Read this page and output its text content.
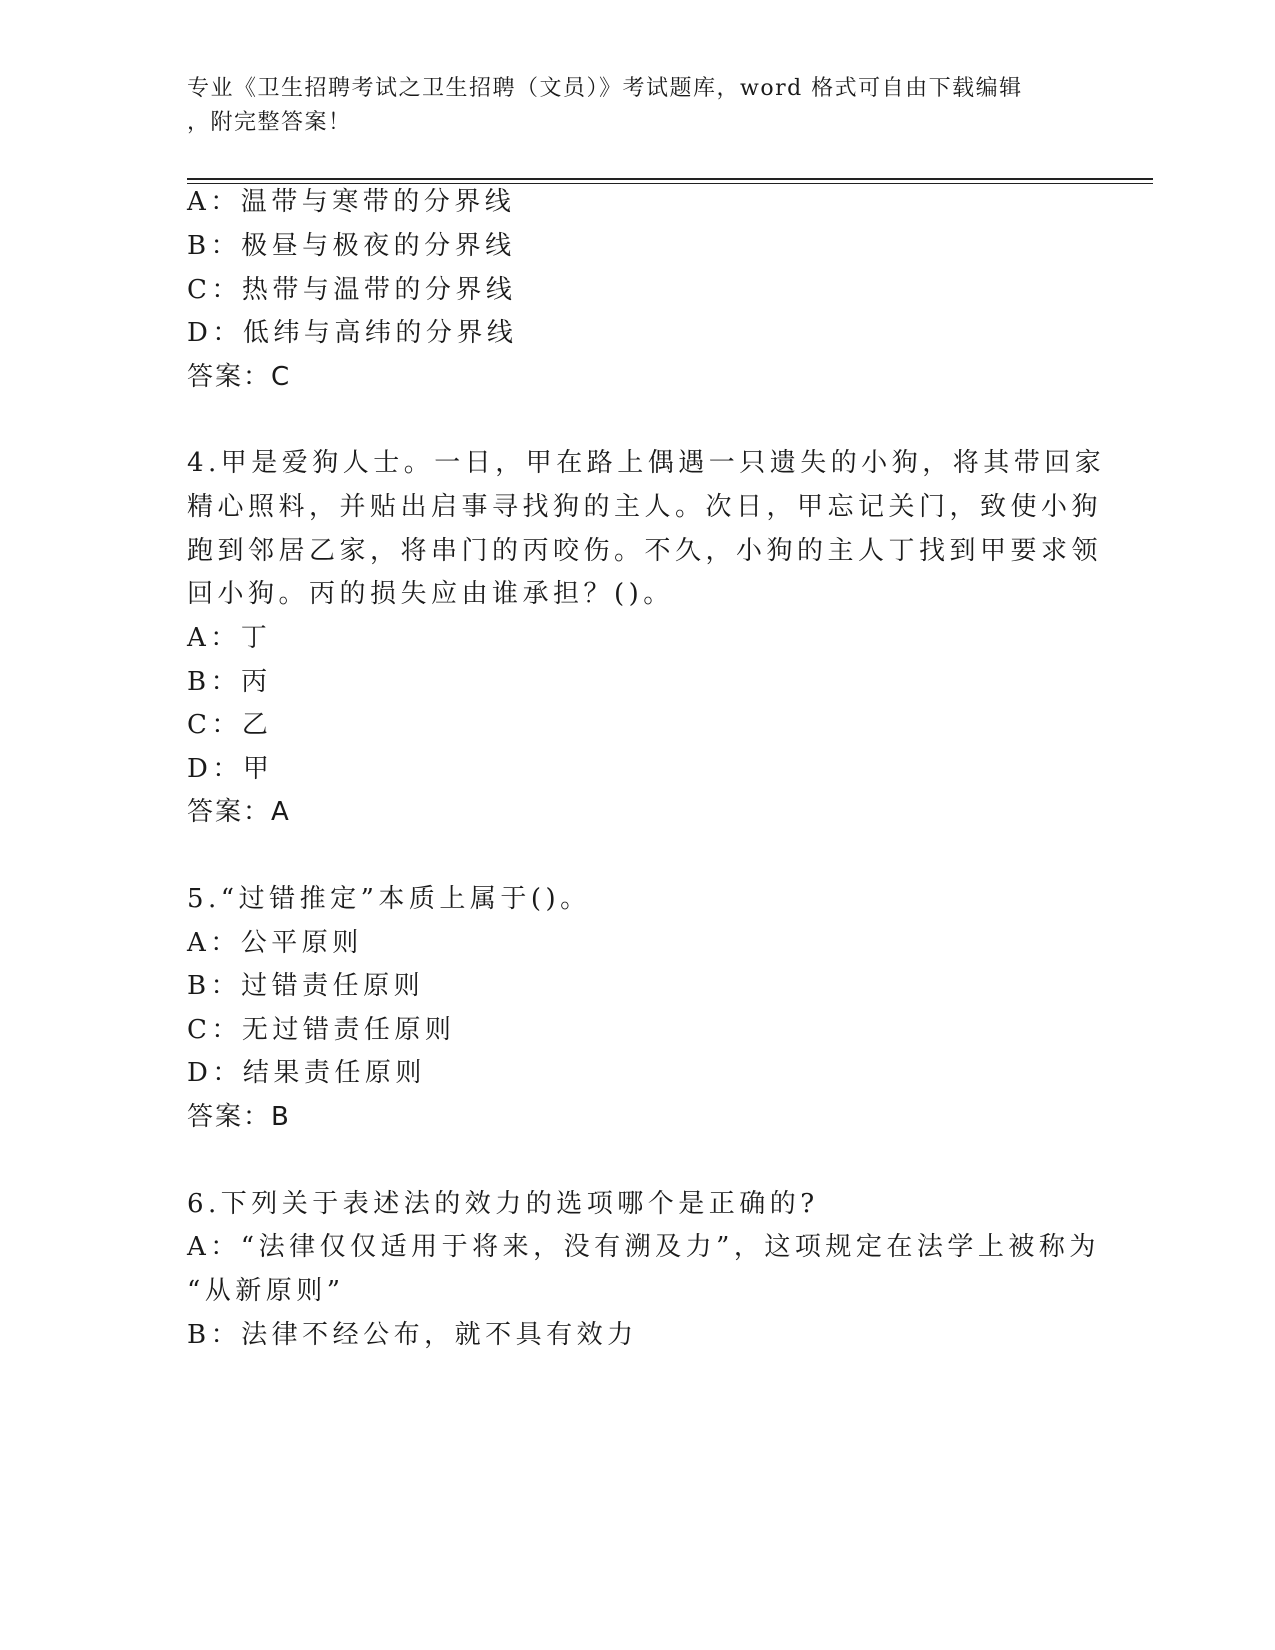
专业《卫生招聘考试之卫生招聘（文员）》考试题库，word 格式可自由下载编辑
，附完整答案！
A：温带与寒带的分界线
B：极昼与极夜的分界线
C：热带与温带的分界线
D：低纬与高纬的分界线
答案：C
4.甲是爱狗人士。一日，甲在路上偶遇一只遗失的小狗，将其带回家
精心照料，并贴出启事寻找狗的主人。次日，甲忘记关门，致使小狗
跑到邻居乙家，将串门的丙咬伤。不久，小狗的主人丁找到甲要求领
回小狗。丙的损失应由谁承担？()。
A：丁
B：丙
C：乙
D：甲
答案：A
5.“过错推定”本质上属于()。
A：公平原则
B：过错责任原则
C：无过错责任原则
D：结果责任原则
答案：B
6.下列关于表述法的效力的选项哪个是正确的?
A：“法律仅仅适用于将来，没有溯及力”，这项规定在法学上被称为
“从新原则”
B：法律不经公布，就不具有效力
